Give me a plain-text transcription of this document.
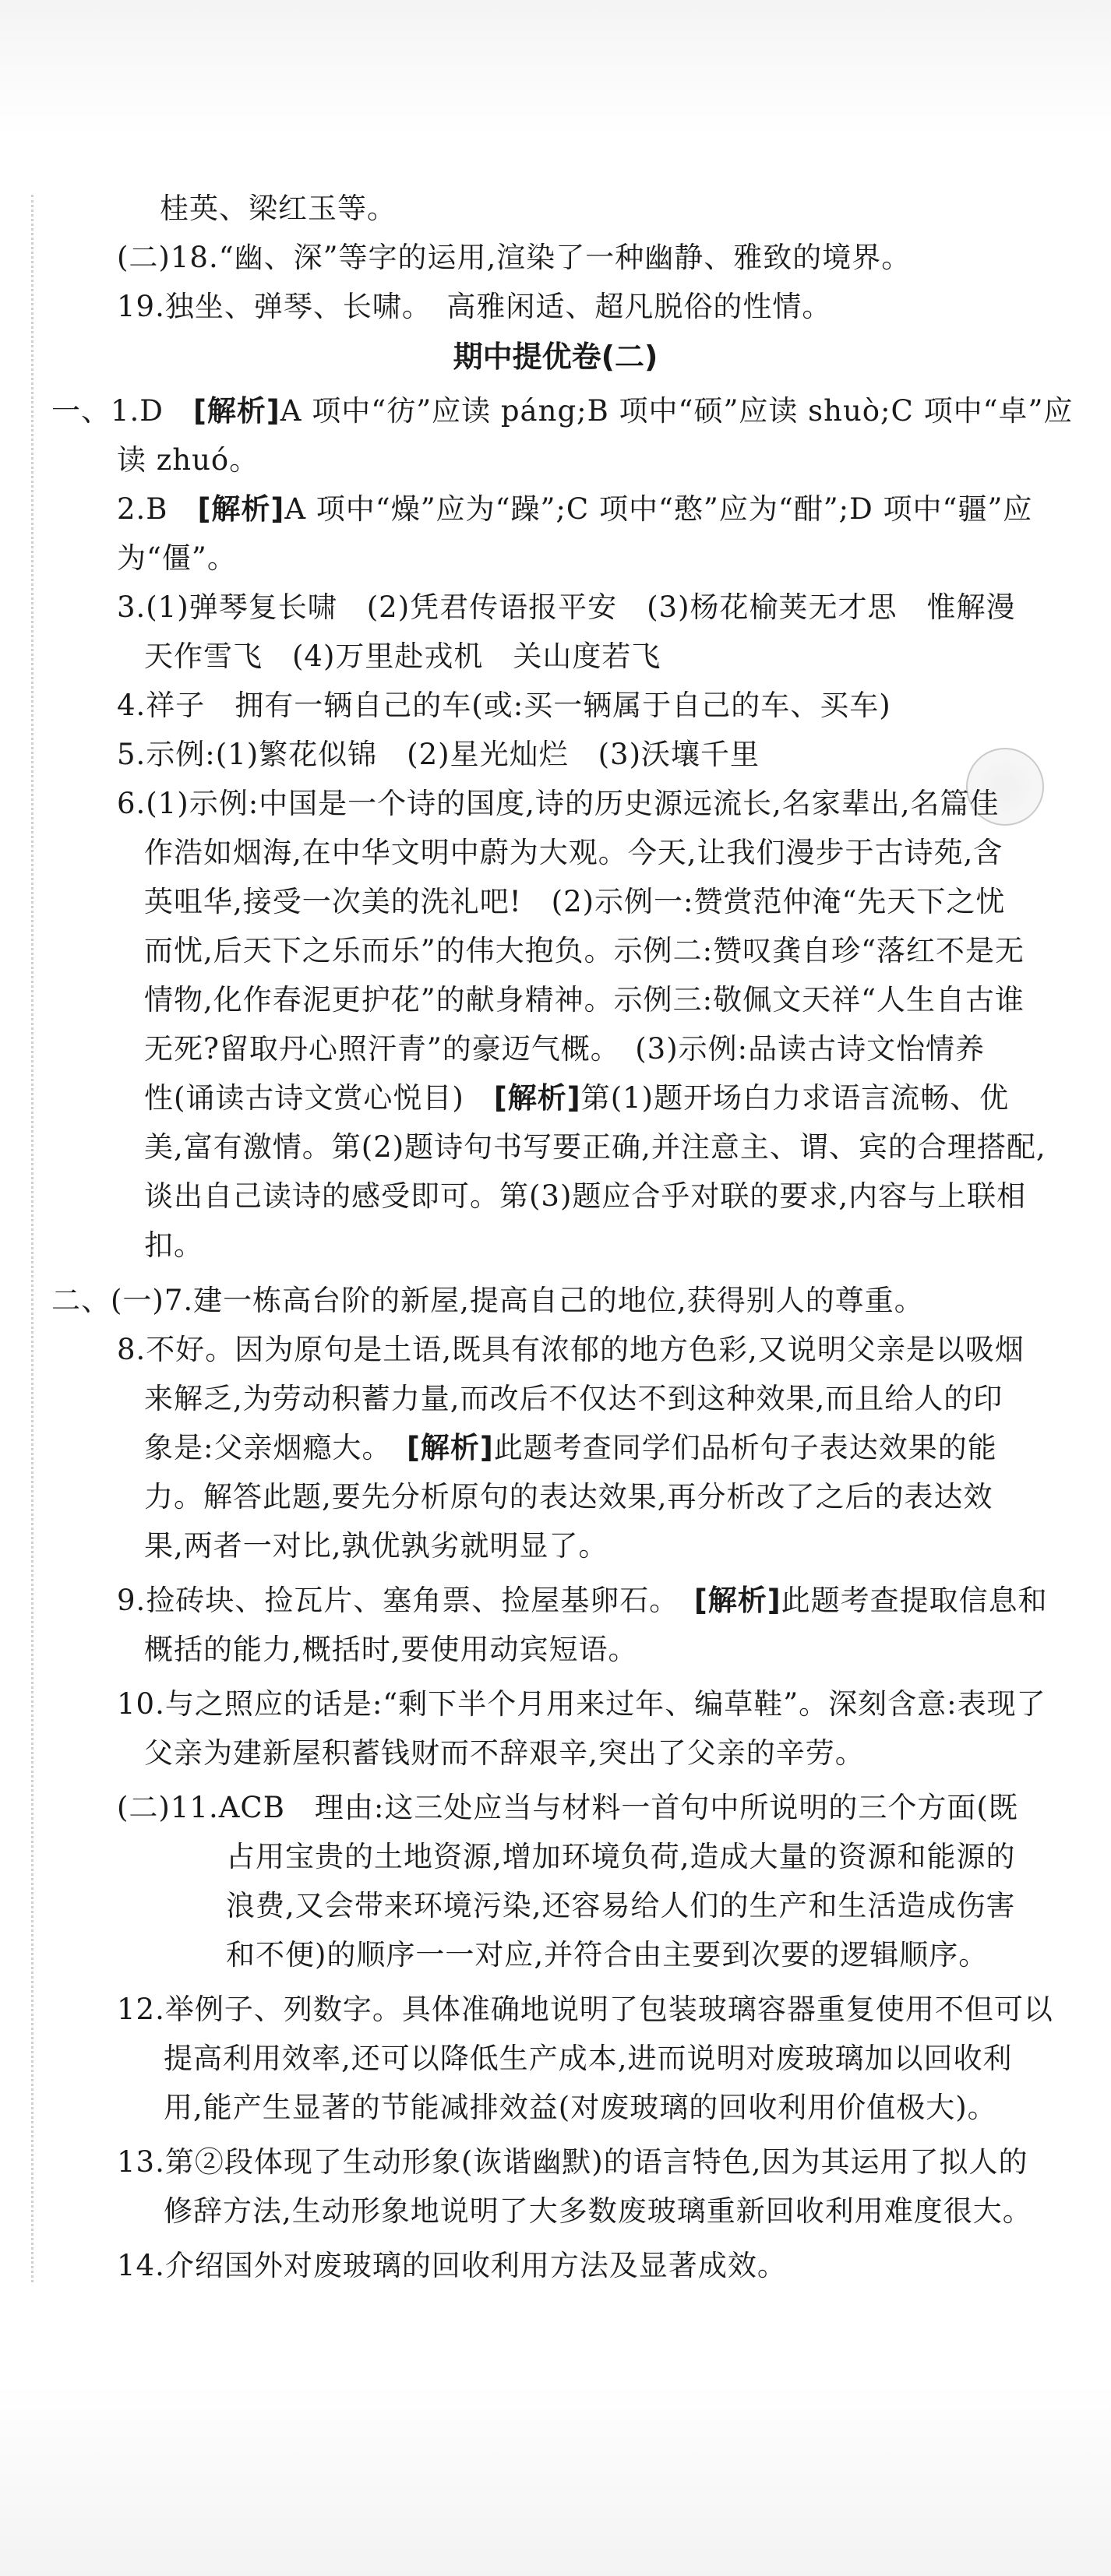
桂英、梁红玉等。
(二)18.“幽、深”等字的运用,渲染了一种幽静、雅致的境界。
19.独坐、弹琴、长啸。　高雅闲适、超凡脱俗的性情。
期中提优卷(二)
一、1.D　[解析]A 项中“彷”应读 páng;B 项中“硕”应读 shuò;C 项中“卓”应
读 zhuó。
2.B　[解析]A 项中“燥”应为“躁”;C 项中“憨”应为“酣”;D 项中“疆”应
为“僵”。
3.(1)弹琴复长啸　(2)凭君传语报平安　(3)杨花榆荚无才思　惟解漫
天作雪飞　(4)万里赴戎机　关山度若飞
4.祥子　拥有一辆自己的车(或:买一辆属于自己的车、买车)
5.示例:(1)繁花似锦　(2)星光灿烂　(3)沃壤千里
6.(1)示例:中国是一个诗的国度,诗的历史源远流长,名家辈出,名篇佳
作浩如烟海,在中华文明中蔚为大观。今天,让我们漫步于古诗苑,含
英咀华,接受一次美的洗礼吧!　(2)示例一:赞赏范仲淹“先天下之忧
而忧,后天下之乐而乐”的伟大抱负。示例二:赞叹龚自珍“落红不是无
情物,化作春泥更护花”的献身精神。示例三:敬佩文天祥“人生自古谁
无死?留取丹心照汗青”的豪迈气概。　(3)示例:品读古诗文怡情养
性(诵读古诗文赏心悦目)　[解析]第(1)题开场白力求语言流畅、优
美,富有激情。第(2)题诗句书写要正确,并注意主、谓、宾的合理搭配,
谈出自己读诗的感受即可。第(3)题应合乎对联的要求,内容与上联相
扣。
二、(一)7.建一栋高台阶的新屋,提高自己的地位,获得别人的尊重。
8.不好。因为原句是土语,既具有浓郁的地方色彩,又说明父亲是以吸烟
来解乏,为劳动积蓄力量,而改后不仅达不到这种效果,而且给人的印
象是:父亲烟瘾大。　[解析]此题考查同学们品析句子表达效果的能
力。解答此题,要先分析原句的表达效果,再分析改了之后的表达效
果,两者一对比,孰优孰劣就明显了。
9.捡砖块、捡瓦片、塞角票、捡屋基卵石。　[解析]此题考查提取信息和
概括的能力,概括时,要使用动宾短语。
10.与之照应的话是:“剩下半个月用来过年、编草鞋”。深刻含意:表现了
父亲为建新屋积蓄钱财而不辞艰辛,突出了父亲的辛劳。
(二)11.ACB　理由:这三处应当与材料一首句中所说明的三个方面(既
占用宝贵的土地资源,增加环境负荷,造成大量的资源和能源的
浪费,又会带来环境污染,还容易给人们的生产和生活造成伤害
和不便)的顺序一一对应,并符合由主要到次要的逻辑顺序。
12.举例子、列数字。具体准确地说明了包装玻璃容器重复使用不但可以
提高利用效率,还可以降低生产成本,进而说明对废玻璃加以回收利
用,能产生显著的节能减排效益(对废玻璃的回收利用价值极大)。
13.第②段体现了生动形象(诙谐幽默)的语言特色,因为其运用了拟人的
修辞方法,生动形象地说明了大多数废玻璃重新回收利用难度很大。
14.介绍国外对废玻璃的回收利用方法及显著成效。
